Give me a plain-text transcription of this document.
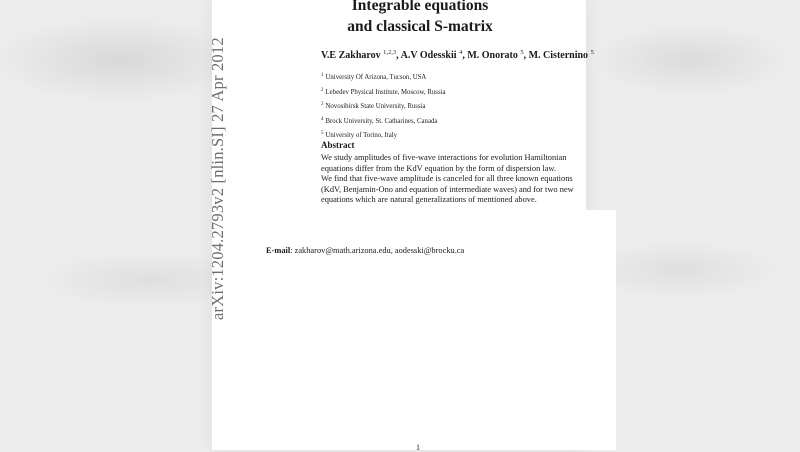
arXiv:1204.2793v2 [nlin.SI] 27 Apr 2012
Integrable equations
and classical S-matrix
V.E Zakharov $^{1,2,3}$, A.V Odesskii $^4$, M. Onorato $^5$, M. Cisternino $^5$
$^1$ University Of Arizona, Tucson, USA
$^2$ Lebedev Physical Institute, Moscow, Russia
$^3$ Novosibirsk State University, Russia
$^4$ Brock University, St. Catharines, Canada
$^5$ University of Torino, Italy
Abstract
We study amplitudes of five-wave interactions for evolution Hamiltonian
equations differ from the KdV equation by the form of dispersion law.
We find that five-wave amplitude is canceled for all three known equations
(KdV, Benjamin-Ono and equation of intermediate waves) and for two new
equations which are natural generalizations of mentioned above.
E-mail: zakharov@math.arizona.edu, aodesski@brocku.ca
1
